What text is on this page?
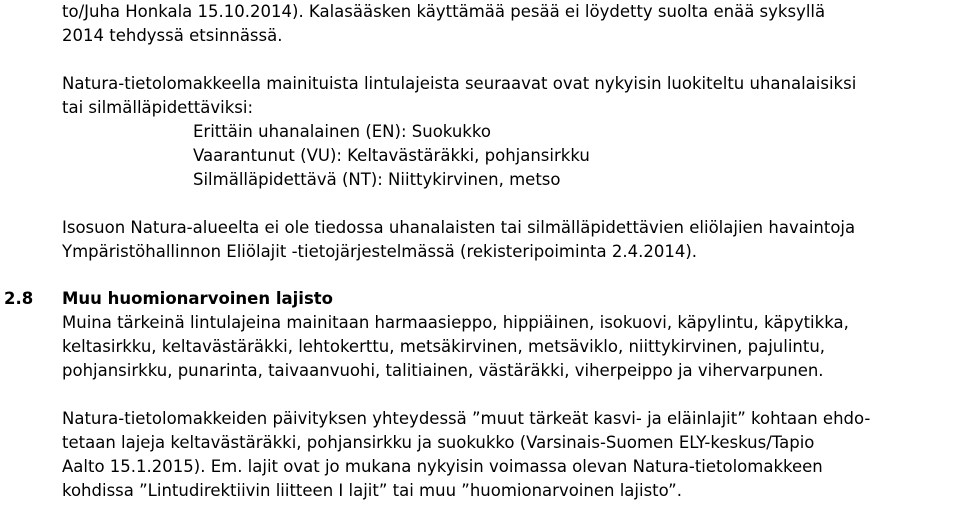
to/Juha Honkala 15.10.2014). Kalasääsken käyttämää pesää ei löydetty suolta enää syksyllä
2014 tehdyssä etsinnässä.
Natura-tietolomakkeella mainituista lintulajeista seuraavat ovat nykyisin luokiteltu uhanalaisiksi
tai silmälläpidettäviksi:
Erittäin uhanalainen (EN): Suokukko
Vaarantunut (VU): Keltavästäräkki, pohjansirkku
Silmälläpidettävä (NT): Niittykirvinen, metso
Isosuon Natura-alueelta ei ole tiedossa uhanalaisten tai silmälläpidettävien eliölajien havaintoja
Ympäristöhallinnon Eliölajit -tietojärjestelmässä (rekisteripoiminta 2.4.2014).
2.8 Muu huomionarvoinen lajisto
Muina tärkeinä lintulajeina mainitaan harmaasieppo, hippiäinen, isokuovi, käpylintu, käpytikka,
keltasirkku, keltavästäräkki, lehtokerttu, metsäkirvinen, metsäviklo, niittykirvinen, pajulintu,
pohjansirkku, punarinta, taivaanvuohi, talitiainen, västäräkki, viherpeippo ja vihervarpunen.
Natura-tietolomakkeiden päivityksen yhteydessä ”muut tärkeät kasvi- ja eläinlajit” kohtaan ehdo-
tetaan lajeja keltavästäräkki, pohjansirkku ja suokukko (Varsinais-Suomen ELY-keskus/Tapio
Aalto 15.1.2015). Em. lajit ovat jo mukana nykyisin voimassa olevan Natura-tietolomakkeen
kohdissa ”Lintudirektiivin liitteen I lajit” tai muu ”huomionarvoinen lajisto”.
